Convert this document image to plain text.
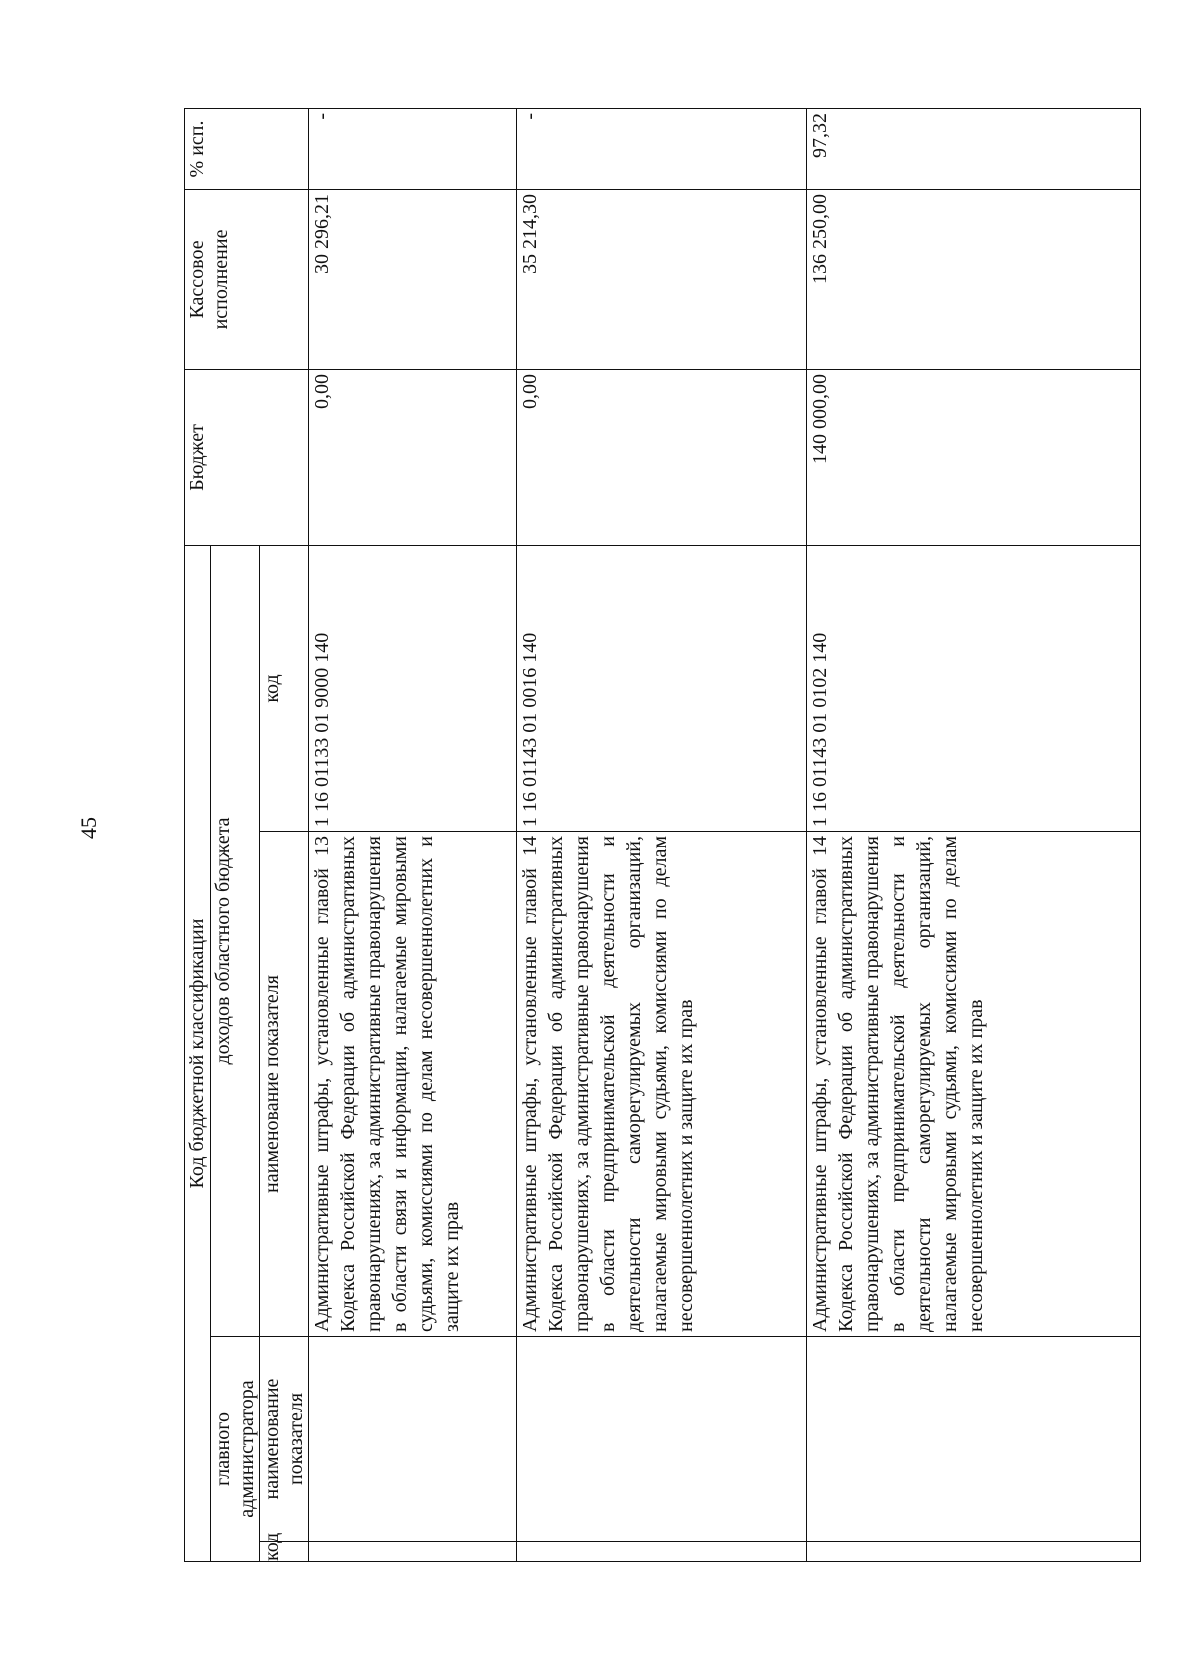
45
Код бюджетной классификации				Бюджет	Кассовое исполнение	% исп.
главного администратора		доходов областного бюджета				
код	наименование показателя	наименование показателя	код			
		Административные штрафы, установленные главой 13 Кодекса Российской Федерации об административных правонарушениях, за административные правонарушения в области связи и информации, налагаемые мировыми судьями, комиссиями по делам несовершеннолетних и защите их прав	1 16 01133 01 9000 140	0,00	30 296,21	-
		Административные штрафы, установленные главой 14 Кодекса Российской Федерации об административных правонарушениях, за административные правонарушения в области предпринимательской деятельности и деятельности саморегулируемых организаций, налагаемые мировыми судьями, комиссиями по делам несовершеннолетних и защите их прав	1 16 01143 01 0016 140	0,00	35 214,30	-
		Административные штрафы, установленные главой 14 Кодекса Российской Федерации об административных правонарушениях, за административные правонарушения в области предпринимательской деятельности и деятельности саморегулируемых организаций, налагаемые мировыми судьями, комиссиями по делам несовершеннолетних и защите их прав	1 16 01143 01 0102 140	140 000,00	136 250,00	97,32
